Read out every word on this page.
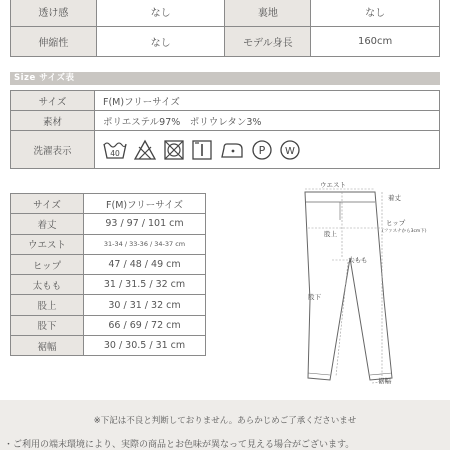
透け感	なし	裏地	なし
伸縮性	なし	モデル身長	160cm
Size サイズ表
サイズ	F(M)フリーサイズ
素材	ポリエステル97%　ポリウレタン3%
洗濯表示	40 P W
サイズ	F(M)フリーサイズ
着丈	93 / 97 / 101 cm
ウエスト	31-34 / 33-36 / 34-37 cm
ヒップ	47 / 48 / 49 cm
太もも	31 / 31.5 / 32 cm
股上	30 / 31 / 32 cm
股下	66 / 69 / 72 cm
裾幅	30 / 30.5 / 31 cm
ウエスト
着丈
ヒップ
(ファスナから3cm下)
股上
太もも
股下
裾幅
※下記は不良と判断しておりません。あらかじめご了承くださいませ
・ご利用の端末環境により、実際の商品とお色味が異なって見える場合がございます。
